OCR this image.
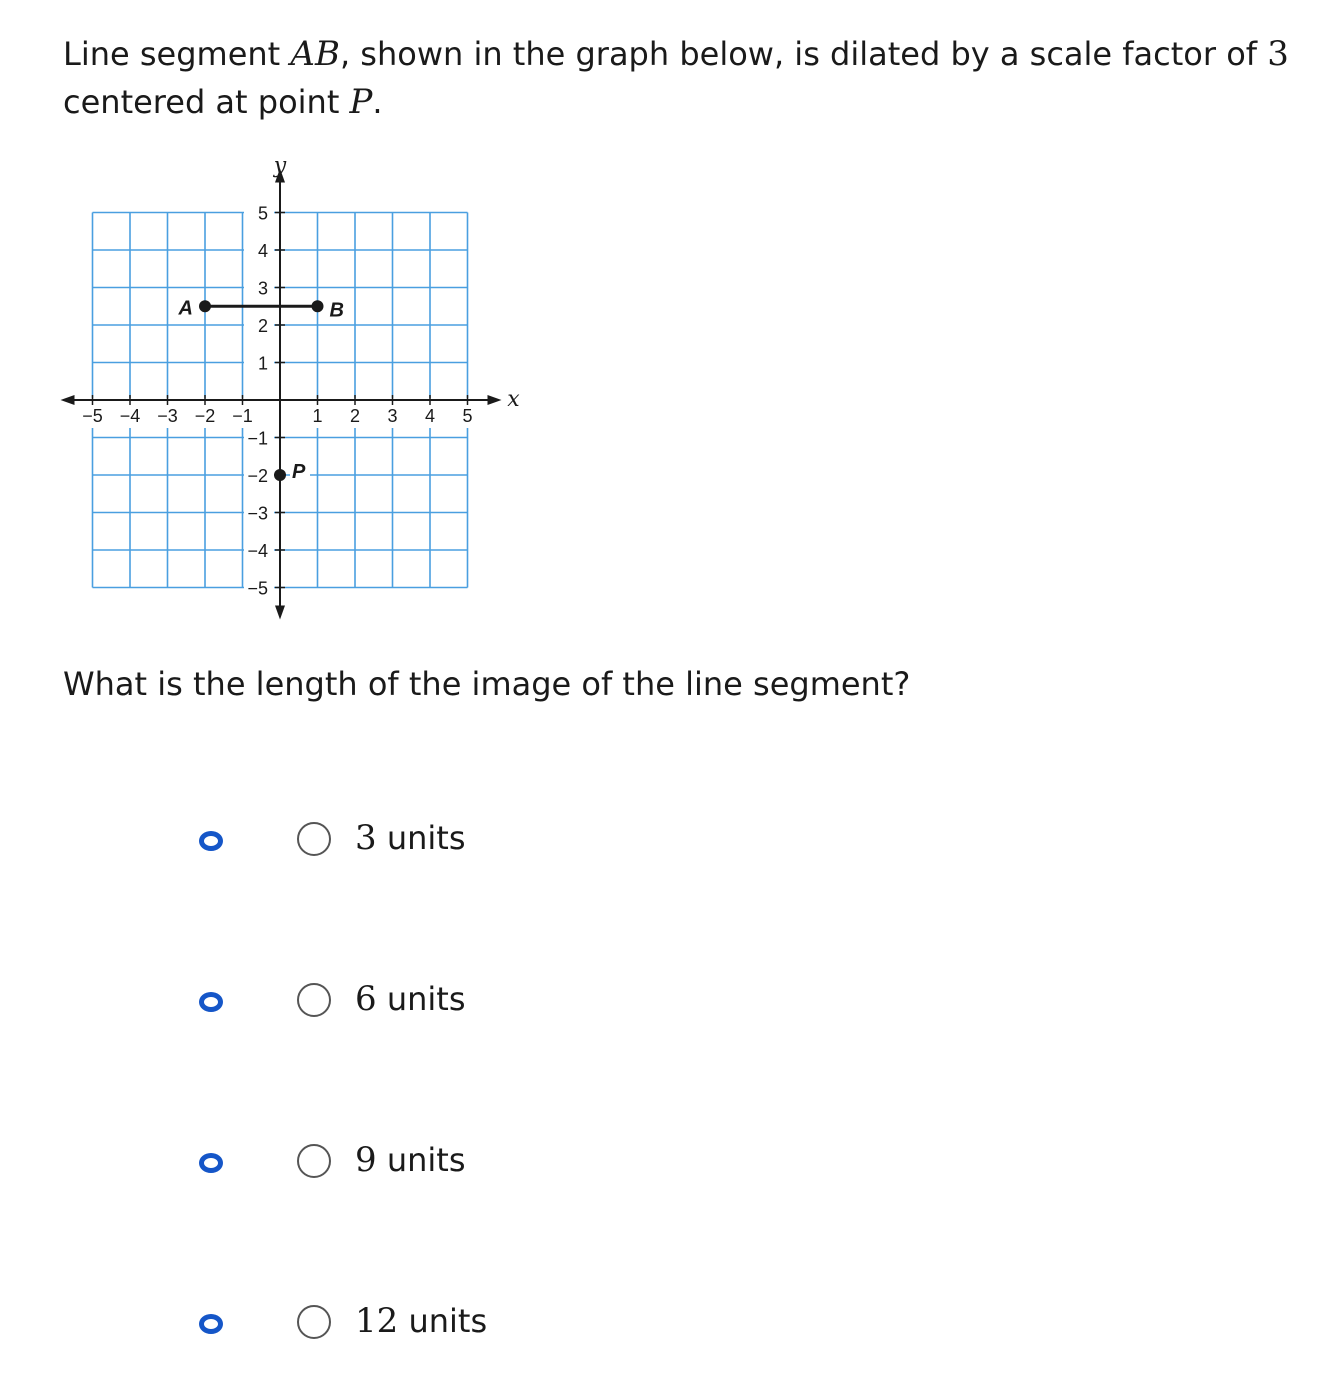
Line segment AB, shown in the graph below, is dilated by a scale factor of 3 centered at point P.
x
y
−5 −4 −3 −2 −1	1 2 3 4 5
5
4
3
2
1
−1
−2
−3
−4
−5
A	B
P
What is the length of the image of the line segment?
3 units
6 units
9 units
12 units
